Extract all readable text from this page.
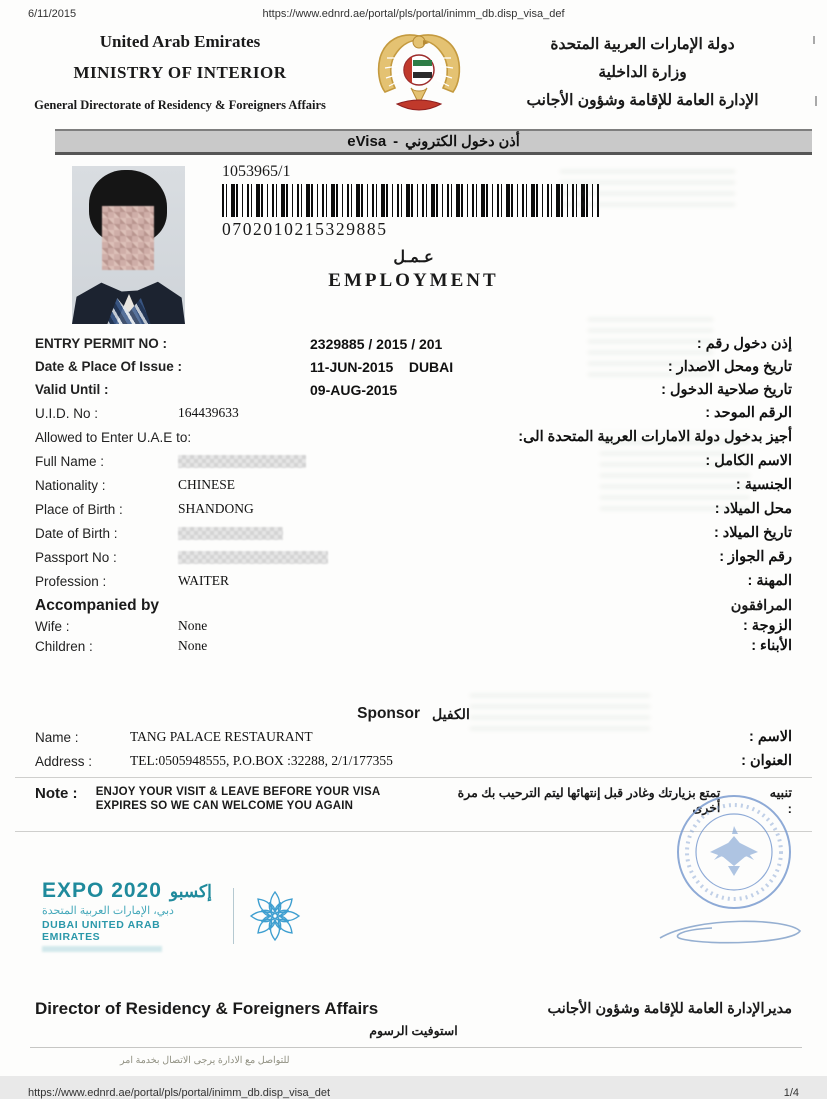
6/11/2015	https://www.ednrd.ae/portal/pls/portal/inimm_db.disp_visa_def
United Arab Emirates
MINISTRY OF INTERIOR
General Directorate of Residency & Foreigners Affairs
دولة الإمارات العربية المتحدة
وزارة الداخلية
الإدارة العامة للإقامة وشؤون الأجانب
eVisa - أذن دخول الكتروني
1053965/1
0702010215329885
عـمـل
EMPLOYMENT
ENTRY PERMIT NO :	2329885 / 2015 / 201	إذن دخول رقم :
Date & Place Of Issue :	11-JUN-2015    DUBAI	تاريخ ومحل الاصدار :
Valid Until :	09-AUG-2015	تاريخ صلاحية الدخول :
U.I.D. No :	164439633	الرقم الموحد :
Allowed to Enter U.A.E to:	أجيز بدخول دولة الامارات العربية المتحدة الى:
Full Name :	الاسم الكامل :
Nationality :	CHINESE	الجنسية :
Place of Birth :	SHANDONG	محل الميلاد :
Date of Birth :	تاريخ الميلاد :
Passport No :	رقم الجواز :
Profession :	WAITER	المهنة :
Accompanied by	المرافقون
Wife :	None	الزوجة :
Children :	None	الأبناء :
Sponsor الكفيل
Name :	TANG PALACE RESTAURANT	الاسم :
Address :	TEL:0505948555, P.O.BOX :32288, 2/1/177355	العنوان :
Note :	ENJOY YOUR VISIT & LEAVE BEFORE YOUR VISA EXPIRES SO WE CAN WELCOME YOU AGAIN
تنبيه :
تمتع بزيارتك وغادر قبل إنتهائها ليتم الترحيب بك مرة أخرى
EXPO 2020 إكسبو
دبي، الإمارات العربية المتحدة
DUBAI UNITED ARAB EMIRATES
Director of Residency & Foreigners Affairs	مديرالإدارة العامة للإقامة وشؤون الأجانب
استوفيت الرسوم
للتواصل مع الادارة يرجى الاتصال بخدمة امر
https://www.ednrd.ae/portal/pls/portal/inimm_db.disp_visa_det	1/4
